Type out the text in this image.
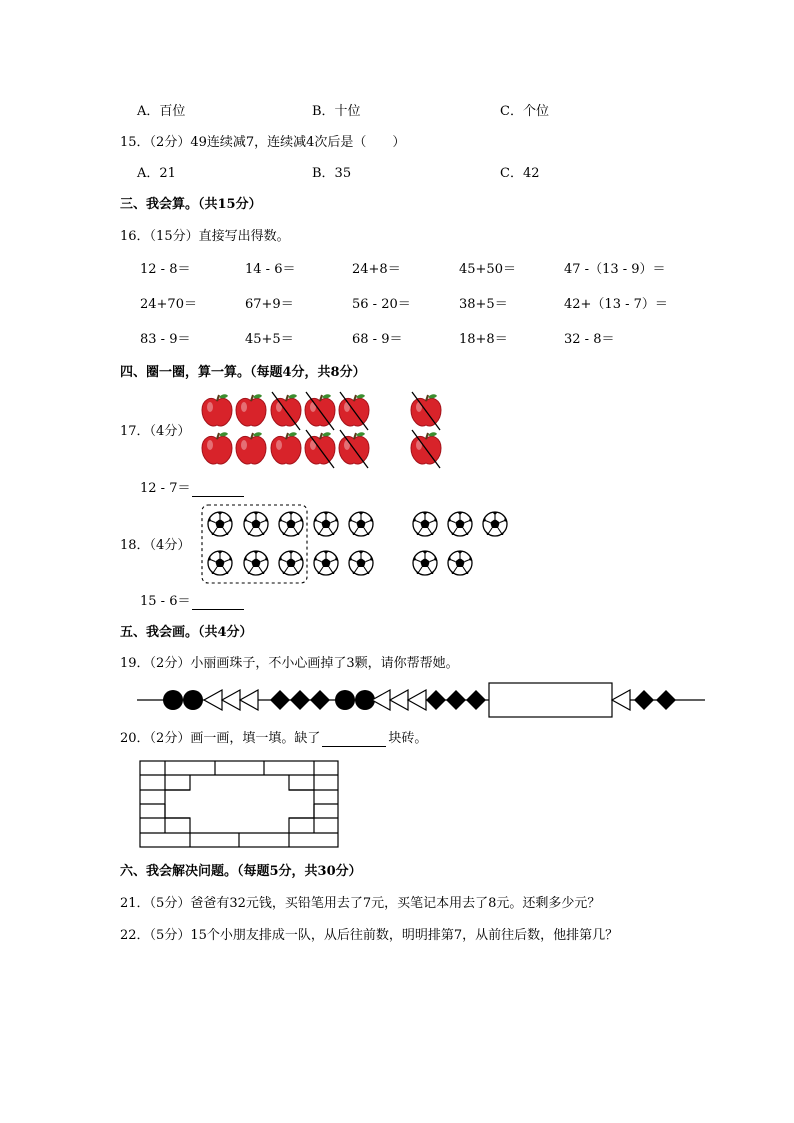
A．百位	B．十位	C．个位
15．（2分）49连续减7，连续减4次后是（　　）
A．21	B．35	C．42
三、我会算。（共15分）
16．（15分）直接写出得数。
12 - 8＝	14 - 6＝	24+8＝	45+50＝	47 -（13 - 9）＝
24+70＝	67+9＝	56 - 20＝	38+5＝	42+（13 - 7）＝
83 - 9＝	45+5＝	68 - 9＝	18+8＝	32 - 8＝
四、圈一圈，算一算。（每题4分，共8分）
17．（4分）
12 - 7＝
18．（4分）
15 - 6＝
五、我会画。（共4分）
19．（2分）小丽画珠子，不小心画掉了3颗，请你帮帮她。
20．（2分）画一画，填一填。缺了	块砖。
六、我会解决问题。（每题5分，共30分）
21．（5分）爸爸有32元钱，买铅笔用去了7元，买笔记本用去了8元。还剩多少元？
22．（5分）15个小朋友排成一队，从后往前数，明明排第7，从前往后数，他排第几？
